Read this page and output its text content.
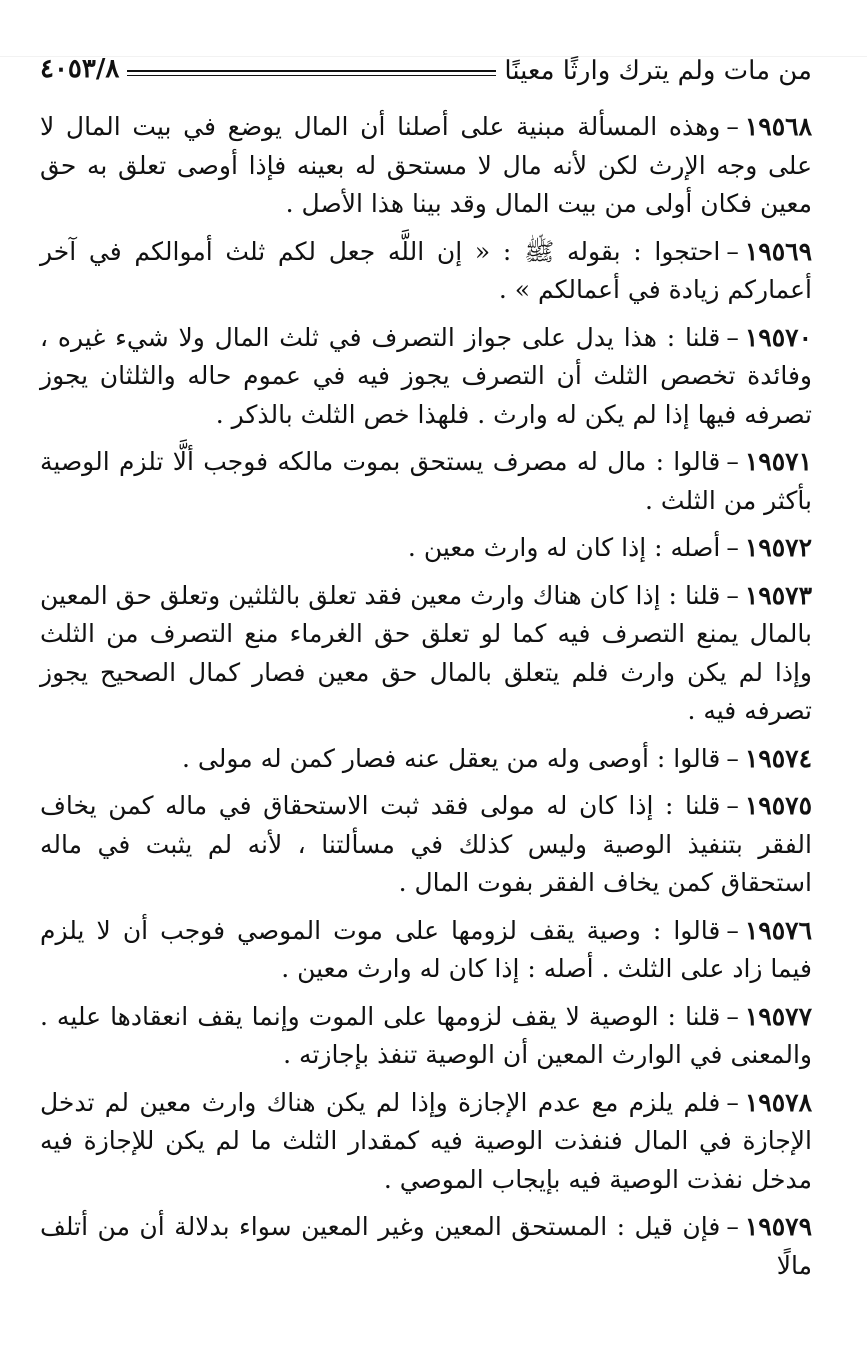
من مات ولم يترك وارثًا معينًا
٤٠٥٣/٨

١٩٥٦٨–وهذه المسألة مبنية على أصلنا أن المال يوضع في بيت المال لا على وجه الإرث لكن لأنه مال لا مستحق له بعينه فإذا أوصى تعلق به حق معين فكان أولى من بيت المال وقد بينا هذا الأصل .

١٩٥٦٩–احتجوا : بقوله ﷺ : « إن اللَّه جعل لكم ثلث أموالكم في آخر أعماركم زيادة في أعمالكم » .

١٩٥٧٠–قلنا : هذا يدل على جواز التصرف في ثلث المال ولا شيء غيره ، وفائدة تخصص الثلث أن التصرف يجوز فيه في عموم حاله والثلثان يجوز تصرفه فيها إذا لم يكن له وارث . فلهذا خص الثلث بالذكر .

١٩٥٧١–قالوا : مال له مصرف يستحق بموت مالكه فوجب ألَّا تلزم الوصية بأكثر من الثلث .

١٩٥٧٢–أصله : إذا كان له وارث معين .

١٩٥٧٣–قلنا : إذا كان هناك وارث معين فقد تعلق بالثلثين وتعلق حق المعين بالمال يمنع التصرف فيه كما لو تعلق حق الغرماء منع التصرف من الثلث وإذا لم يكن وارث فلم يتعلق بالمال حق معين فصار كمال الصحيح يجوز تصرفه فيه .

١٩٥٧٤–قالوا : أوصى وله من يعقل عنه فصار كمن له مولى .

١٩٥٧٥–قلنا : إذا كان له مولى فقد ثبت الاستحقاق في ماله كمن يخاف الفقر بتنفيذ الوصية وليس كذلك في مسألتنا ، لأنه لم يثبت في ماله استحقاق كمن يخاف الفقر بفوت المال .

١٩٥٧٦–قالوا : وصية يقف لزومها على موت الموصي فوجب أن لا يلزم فيما زاد على الثلث . أصله : إذا كان له وارث معين .

١٩٥٧٧–قلنا : الوصية لا يقف لزومها على الموت وإنما يقف انعقادها عليه . والمعنى في الوارث المعين أن الوصية تنفذ بإجازته .

١٩٥٧٨–فلم يلزم مع عدم الإجازة وإذا لم يكن هناك وارث معين لم تدخل الإجازة في المال فنفذت الوصية فيه كمقدار الثلث ما لم يكن للإجازة فيه مدخل نفذت الوصية فيه بإيجاب الموصي .

١٩٥٧٩–فإن قيل : المستحق المعين وغير المعين سواء بدلالة أن من أتلف مالًا
